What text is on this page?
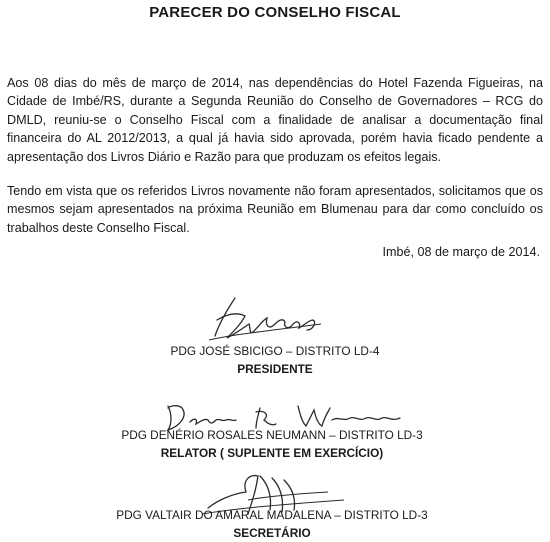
PARECER DO CONSELHO FISCAL

Aos 08 dias do mês de março de 2014, nas dependências do Hotel Fazenda Figueiras, na Cidade de Imbé/RS, durante a Segunda Reunião do Conselho de Governadores – RCG do DMLD, reuniu-se o Conselho Fiscal com a finalidade de analisar a documentação final financeira do AL 2012/2013, a qual já havia sido aprovada, porém havia ficado pendente a apresentação dos Livros Diário e Razão para que produzam os efeitos legais.

Tendo em vista que os referidos Livros novamente não foram apresentados, solicitamos que os mesmos sejam apresentados na próxima Reunião em Blumenau para dar como concluído os trabalhos deste Conselho Fiscal.

Imbé, 08 de março de 2014.
PDG JOSÉ SBICIGO – DISTRITO LD-4
PRESIDENTE
PDG DENÉRIO ROSALES NEUMANN – DISTRITO LD-3
RELATOR ( SUPLENTE EM EXERCÍCIO)
PDG VALTAIR DO AMARAL MADALENA – DISTRITO LD-3
SECRETÁRIO
